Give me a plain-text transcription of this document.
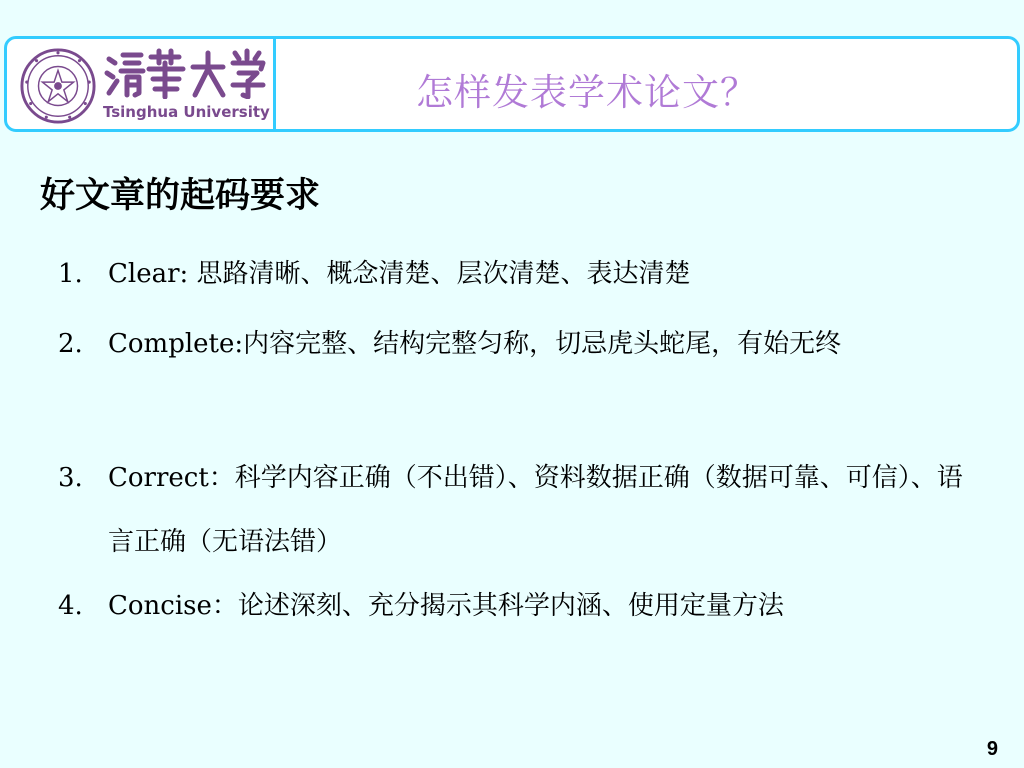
Tsinghua University	怎样发表学术论文？
好文章的起码要求
1. Clear: 思路清晰、概念清楚、层次清楚、表达清楚
2. Complete:内容完整、结构完整匀称，切忌虎头蛇尾，有始无终
3. Correct：科学内容正确（不出错）、资料数据正确（数据可靠、可信）、语言正确（无语法错）
4. Concise：论述深刻、充分揭示其科学内涵、使用定量方法
9
